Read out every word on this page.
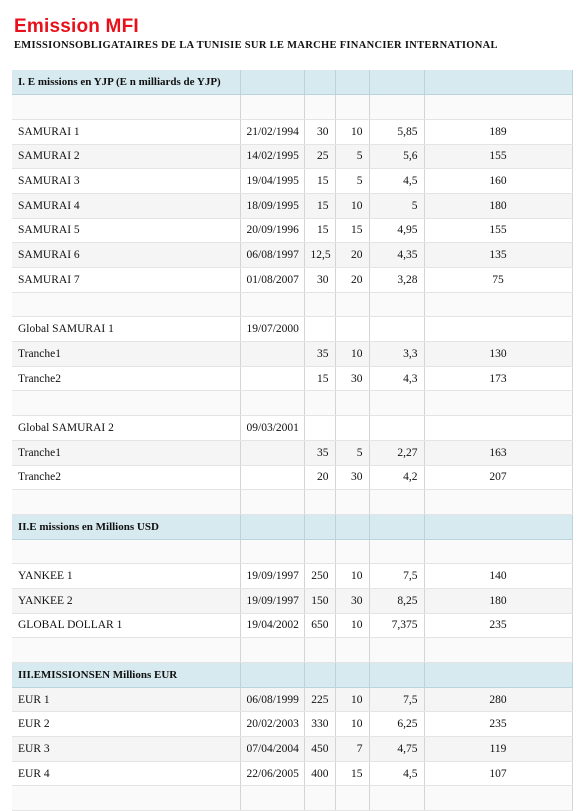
Emission MFI
EMISSIONSOBLIGATAIRES DE LA TUNISIE SUR LE MARCHE FINANCIER INTERNATIONAL
I. E missions en YJP (E n milliards de YJP)					

SAMURAI 1	21/02/1994	30	10	5,85	189
SAMURAI 2	14/02/1995	25	5	5,6	155
SAMURAI 3	19/04/1995	15	5	4,5	160
SAMURAI 4	18/09/1995	15	10	5	180
SAMURAI 5	20/09/1996	15	15	4,95	155
SAMURAI 6	06/08/1997	12,5	20	4,35	135
SAMURAI 7	01/08/2007	30	20	3,28	75

Global SAMURAI 1	19/07/2000				
Tranche1		35	10	3,3	130
Tranche2		15	30	4,3	173

Global SAMURAI 2	09/03/2001				
Tranche1		35	5	2,27	163
Tranche2		20	30	4,2	207

II.E missions en Millions USD					

YANKEE 1	19/09/1997	250	10	7,5	140
YANKEE 2	19/09/1997	150	30	8,25	180
GLOBAL DOLLAR 1	19/04/2002	650	10	7,375	235

III.EMISSIONSEN Millions EUR					
EUR 1	06/08/1999	225	10	7,5	280
EUR 2	20/02/2003	330	10	6,25	235
EUR 3	07/04/2004	450	7	4,75	119
EUR 4	22/06/2005	400	15	4,5	107
